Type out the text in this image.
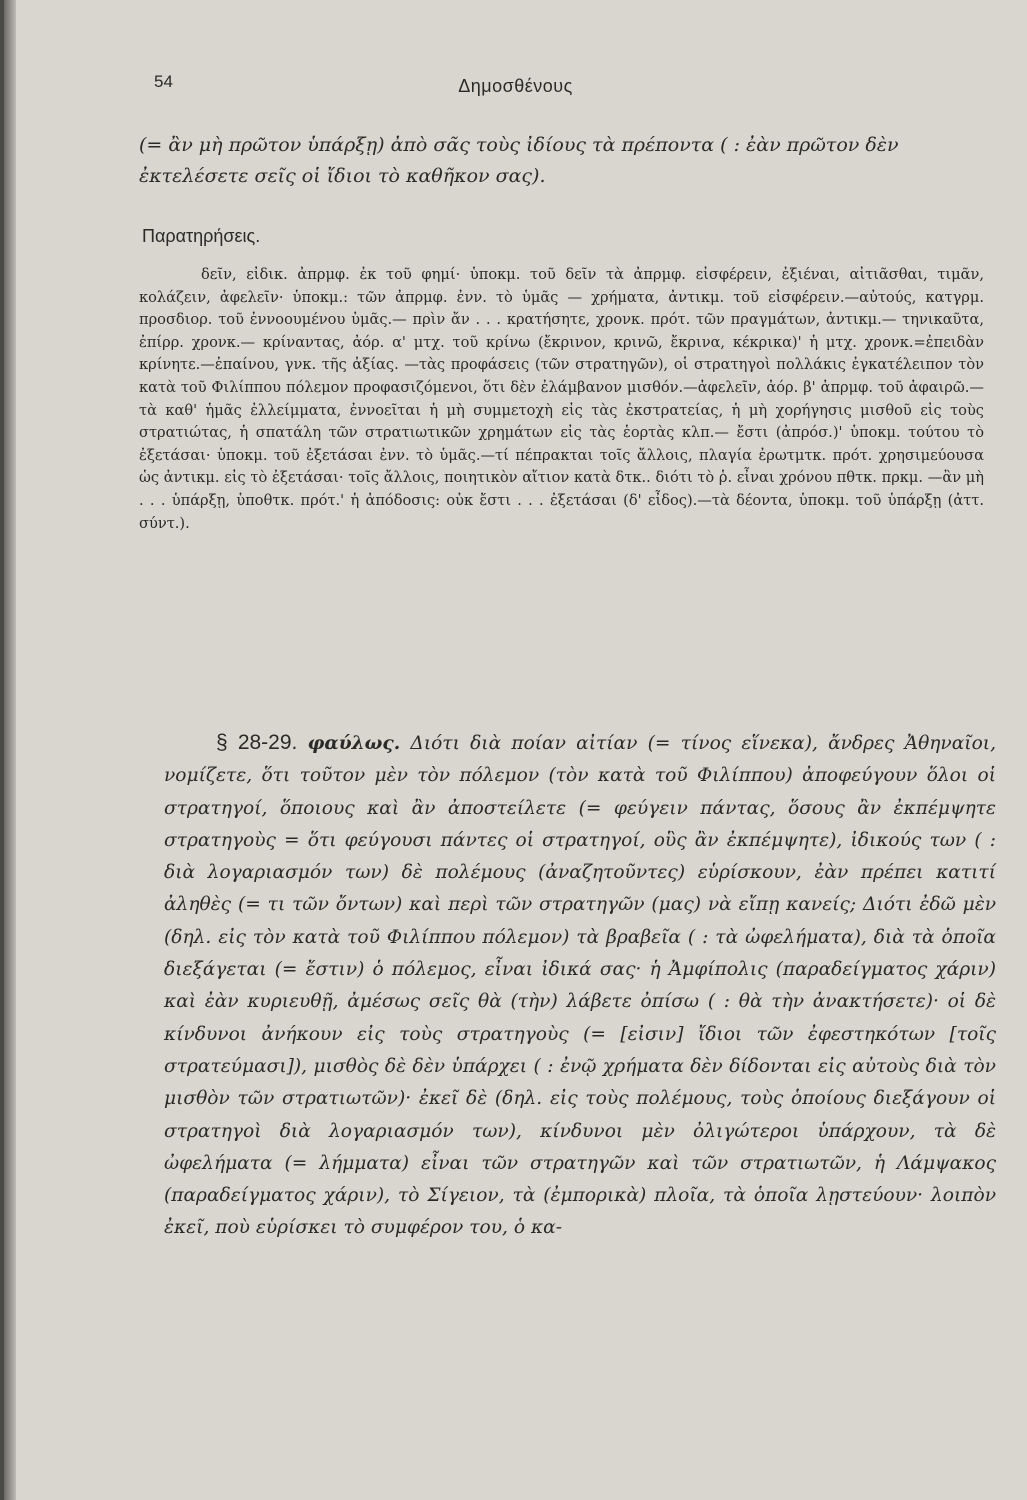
54	Δημοσθένους
(= ἂν μὴ πρῶτον ὑπάρξῃ) ἀπὸ σᾶς τοὺς ἰδίους τὰ πρέποντα ( : ἐὰν πρῶτον δὲν ἐκτελέσετε σεῖς οἱ ἴδιοι τὸ καθῆκον σας).
Παρατηρήσεις.
δεῖν, εἰδικ. ἀπρμφ. ἐκ τοῦ φημί· ὑποκμ. τοῦ δεῖν τὰ ἀπρμφ. εἰσφέρειν, ἐξιέναι, αἰτιᾶσθαι, τιμᾶν, κολάζειν, ἀφελεῖν· ὑποκμ.: τῶν ἀπρμφ. ἐνν. τὸ ὑμᾶς — χρήματα, ἀντικμ. τοῦ εἰσφέρειν.—αὐτούς, κατγρμ. προσδιορ. τοῦ ἐννοουμένου ὑμᾶς.— πρὶν ἄν . . . κρατήσητε, χρονκ. πρότ. τῶν πραγμάτων, ἀντικμ.— τηνικαῦτα, ἐπίρρ. χρονκ.— κρίναντας, ἀόρ. α' μτχ. τοῦ κρίνω (ἔκρινον, κρινῶ, ἔκρινα, κέκρικα)' ἡ μτχ. χρονκ.=ἐπειδὰν κρίνητε.—ἐπαίνου, γνκ. τῆς ἀξίας. —τὰς προφάσεις (τῶν στρατηγῶν), οἱ στρατηγοὶ πολλάκις ἐγκατέλειπον τὸν κατὰ τοῦ Φιλίππου πόλεμον προφασιζόμενοι, ὅτι δὲν ἐλάμβανον μισθόν.—ἀφελεῖν, ἀόρ. β' ἀπρμφ. τοῦ ἀφαιρῶ.—τὰ καθ' ἡμᾶς ἐλλείμματα, ἐννοεῖται ἡ μὴ συμμετοχὴ εἰς τὰς ἐκστρατείας, ἡ μὴ χορήγησις μισθοῦ εἰς τοὺς στρατιώτας, ἡ σπατάλη τῶν στρατιωτικῶν χρημάτων εἰς τὰς ἑορτὰς κλπ.— ἔστι (ἀπρόσ.)' ὑποκμ. τούτου τὸ ἐξετάσαι· ὑποκμ. τοῦ ἐξετάσαι ἐνν. τὸ ὑμᾶς.—τί πέπρακται τοῖς ἄλλοις, πλαγία ἐρωτμτκ. πρότ. χρησιμεύουσα ὡς ἀντικμ. εἰς τὸ ἐξετάσαι· τοῖς ἄλλοις, ποιητικὸν αἴτιον κατὰ δτκ.. διότι τὸ ῥ. εἶναι χρόνου πθτκ. πρκμ. —ἂν μὴ . . . ὑπάρξῃ, ὑποθτκ. πρότ.' ἡ ἀπόδοσις: οὐκ ἔστι . . . ἐξετάσαι (δ' εἶδος).—τὰ δέοντα, ὑποκμ. τοῦ ὑπάρξῃ (ἀττ. σύντ.).
§ 28-29. φαύλως. Διότι διὰ ποίαν αἰτίαν (= τίνος εἵνεκα), ἄνδρες Ἀθηναῖοι, νομίζετε, ὅτι τοῦτον μὲν τὸν πόλεμον (τὸν κατὰ τοῦ Φιλίππου) ἀποφεύγουν ὅλοι οἱ στρατηγοί, ὅποιους καὶ ἂν ἀποστείλετε (= φεύγειν πάντας, ὅσους ἂν ἐκπέμψητε στρατηγοὺς = ὅτι φεύγουσι πάντες οἱ στρατηγοί, οὓς ἂν ἐκπέμψητε), ἰδικούς των ( : διὰ λογαριασμόν των) δὲ πολέμους (ἀναζητοῦντες) εὑρίσκουν, ἐὰν πρέπει κατιτί ἀληθὲς (= τι τῶν ὄντων) καὶ περὶ τῶν στρατηγῶν (μας) νὰ εἴπῃ κανείς; Διότι ἐδῶ μὲν (δηλ. εἰς τὸν κατὰ τοῦ Φιλίππου πόλεμον) τὰ βραβεῖα ( : τὰ ὠφελήματα), διὰ τὰ ὁποῖα διεξάγεται (= ἔστιν) ὁ πόλεμος, εἶναι ἰδικά σας· ἡ Ἀμφίπολις (παραδείγματος χάριν) καὶ ἐὰν κυριευθῇ, ἀμέσως σεῖς θὰ (τὴν) λάβετε ὀπίσω ( : θὰ τὴν ἀνακτήσετε)· οἱ δὲ κίνδυνοι ἀνήκουν εἰς τοὺς στρατηγοὺς (= [εἰσιν] ἴδιοι τῶν ἐφεστηκότων [τοῖς στρατεύμασι]), μισθὸς δὲ δὲν ὑπάρχει ( : ἐνῷ χρήματα δὲν δίδονται εἰς αὐτοὺς διὰ τὸν μισθὸν τῶν στρατιωτῶν)· ἐκεῖ δὲ (δηλ. εἰς τοὺς πολέμους, τοὺς ὁποίους διεξάγουν οἱ στρατηγοὶ διὰ λογαριασμόν των), κίνδυνοι μὲν ὀλιγώτεροι ὑπάρχουν, τὰ δὲ ὠφελήματα (= λήμματα) εἶναι τῶν στρατηγῶν καὶ τῶν στρατιωτῶν, ἡ Λάμψακος (παραδείγματος χάριν), τὸ Σίγειον, τὰ (ἐμπορικὰ) πλοῖα, τὰ ὁποῖα λῃστεύουν· λοιπὸν ἐκεῖ, ποὺ εὑρίσκει τὸ συμφέρον του, ὁ κα-
